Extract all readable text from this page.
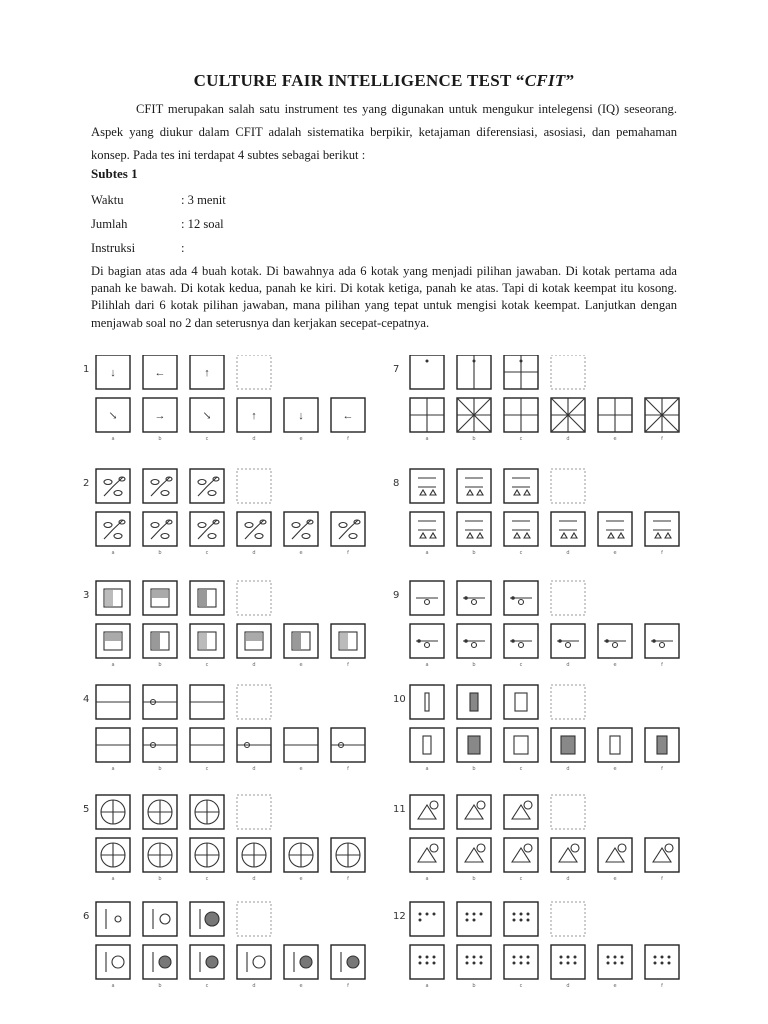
CULTURE FAIR INTELLIGENCE TEST “CFIT”
CFIT merupakan salah satu instrument tes yang digunakan untuk mengukur intelegensi (IQ) seseorang. Aspek yang diukur dalam CFIT adalah sistematika berpikir, ketajaman diferensiasi, asosiasi, dan pemahaman konsep. Pada tes ini terdapat 4 subtes sebagai berikut :
Subtes 1
Waktu	: 3 menit
Jumlah	: 12 soal
Instruksi	:
Di bagian atas ada 4 buah kotak. Di bawahnya ada 6 kotak yang menjadi pilihan jawaban. Di kotak pertama ada panah ke bawah. Di kotak kedua, panah ke kiri. Di kotak ketiga, panah ke atas. Tapi di kotak keempat itu kosong. Pilihlah dari 6 kotak pilihan jawaban, mana pilihan yang tepat untuk mengisi kotak keempat. Lanjutkan dengan menjawab soal no 2 dan seterusnya dan kerjakan secepat-cepatnya.
1 ↓	←	↑
↘
a
→
b
↘
c
↑
d
↓
e
←
f
2
a	b	c	d	e	f
3
a	b	c	d	e	f
4
a	b	c	d	e	f
5
a	b	c	d	e	f
6
a	b	c	d	e	f
7
a	b	c	d	e	f
8
a	b	c	d	e	f
9
a	b	c	d	e	f
10
a	b	c	d	e	f
11
a	b	c	d	e	f
12
a	b	c	d	e	f
